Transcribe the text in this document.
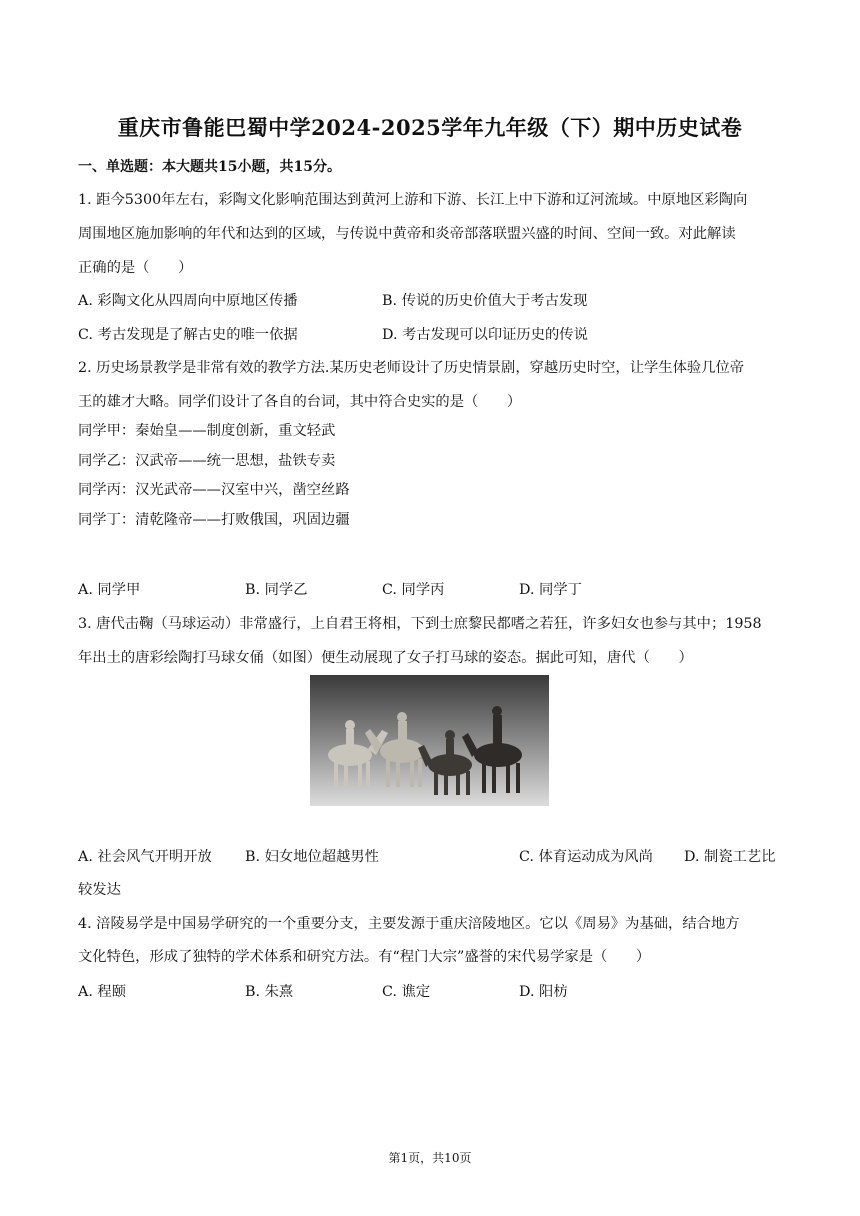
重庆市鲁能巴蜀中学2024-2025学年九年级（下）期中历史试卷
一、单选题：本大题共15小题，共15分。
1. 距今5300年左右，彩陶文化影响范围达到黄河上游和下游、长江上中下游和辽河流域。中原地区彩陶向
周围地区施加影响的年代和达到的区域，与传说中黄帝和炎帝部落联盟兴盛的时间、空间一致。对此解读
正确的是（　　）
A. 彩陶文化从四周向中原地区传播	B. 传说的历史价值大于考古发现
C. 考古发现是了解古史的唯一依据	D. 考古发现可以印证历史的传说
2. 历史场景教学是非常有效的教学方法.某历史老师设计了历史情景剧，穿越历史时空，让学生体验几位帝
王的雄才大略。同学们设计了各自的台词，其中符合史实的是（　　）
同学甲：秦始皇——制度创新，重文轻武
同学乙：汉武帝——统一思想，盐铁专卖
同学丙：汉光武帝——汉室中兴，凿空丝路
同学丁：清乾隆帝——打败俄国，巩固边疆
A. 同学甲	B. 同学乙	C. 同学丙	D. 同学丁
3. 唐代击鞠（马球运动）非常盛行，上自君王将相，下到士庶黎民都嗜之若狂，许多妇女也参与其中；1958
年出土的唐彩绘陶打马球女俑（如图）便生动展现了女子打马球的姿态。据此可知，唐代（　　）
A. 社会风气开明开放 B. 妇女地位超越男性	C. 体育运动成为风尚 D. 制瓷工艺比
较发达
4. 涪陵易学是中国易学研究的一个重要分支，主要发源于重庆涪陵地区。它以《周易》为基础，结合地方
文化特色，形成了独特的学术体系和研究方法。有“程门大宗”盛誉的宋代易学家是（　　）
A. 程颐	B. 朱熹	C. 谯定	D. 阳枋
第1页，共10页
